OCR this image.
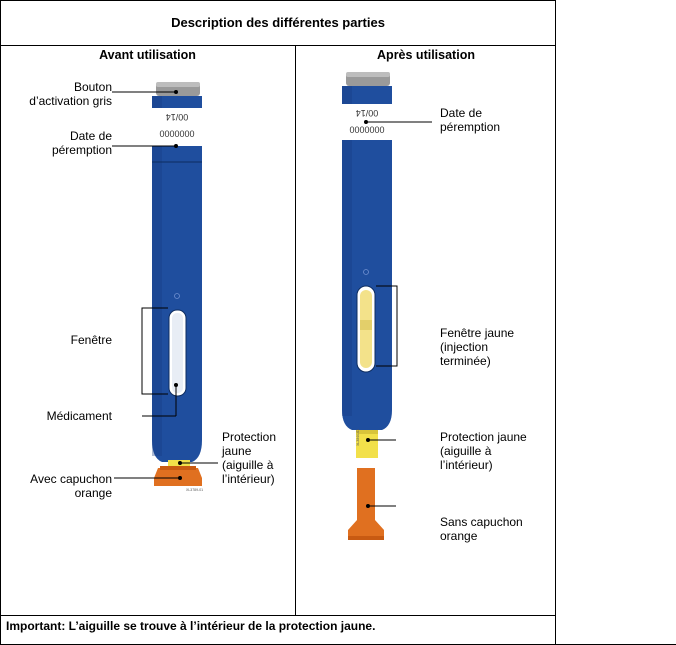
Description des différentes parties
Avant utilisation	Après utilisation
00/14
0000000
XL3789-01
00/14
0000000
XL3840-01
Bouton
d’activation gris
Date de
péremption
Fenêtre
Médicament
Avec capuchon
orange
Protection
jaune
(aiguille à
l’intérieur)
Date de
péremption
Fenêtre jaune
(injection
terminée)
Protection jaune
(aiguille à
l’intérieur)
Sans capuchon
orange
Important: L’aiguille se trouve à l’intérieur de la protection jaune.
